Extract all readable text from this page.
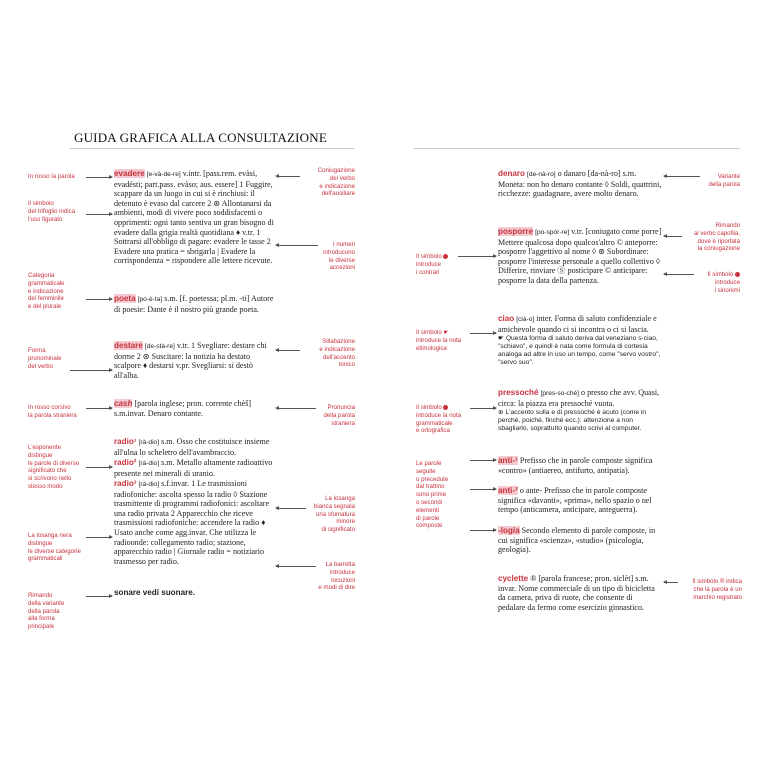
GUIDA GRAFICA ALLA CONSULTAZIONE
In rosso la parola
Il simbolo
del trifoglio indica
l'uso figurato
Categoria
grammaticale
e indicazione
del femminile
e del plurale
Forma
pronominale
del verbo
In rosso corsivo
la parola straniera
L'esponente
distingue
le parole di diverso
significato che
si scrivono nello
stesso modo
La losanga nera
distingue
le diverse categorie
grammaticali
Rimando
della variante
della parola
alla forma
principale
Coniugazione
del verbo
e indicazione
dell'ausiliare
I numeri
introducono
le diverse
accezioni
Sillabazione
e indicazione
dell'accento
tonico
Pronuncia
della parola
straniera
La losanga
bianca segnala
una sfumatura
minore
di significato
La barretta
introduce
locuzioni
e modi di dire
Il simbolo
introduce
i contrari
Il simbolo ☛
introduce la nota
etimologica
Il simbolo
introduce la nota
grammaticale
e ortografica
Le parole
seguite
o precedute
dal trattino
sono prime
o secondi
elementi
di parole
composte
Variante
della parola
Rimando
al verbo capofila,
dove è riportata
la coniugazione
Il simbolo
introduce
i sinonimi
Il simbolo ® indica
che la parola è un
marchio registrato
evadere [e-và-de-re] v.intr. [pass.rem. evàsi, evadésti; part.pass. evàso; aus. essere] 1 Fuggire, scappare da un luogo in cui si è rinchiusi: il detenuto è evaso dal carcere 2 ⊛ Allontanarsi da ambienti, modi di vivere poco soddisfacenti o opprimenti: ogni tanto sentiva un gran bisogno di evadere dalla grigia realtà quotidiana ♦ v.tr. 1 Sottrarsi all'obbligo di pagare: evadere le tasse 2 Evadere una pratica = sbrigarla | Evadere la corrispondenza = rispondere alle lettere ricevute.
poeta [po-è-ta] s.m. [f. poetessa; pl.m. -ti] Autore di poesie: Dante è il nostro più grande poeta.
destare [de-stà-re] v.tr. 1 Svegliare: destare chi dorme 2 ⊛ Suscitare: la notizia ha destato scalpore ♦ destarsi v.pr. Svegliarsi: si destò all'alba.
cash [parola inglese; pron. corrente chèš] s.m.invar. Denaro contante.
radio¹ [rà-dio] s.m. Osso che costituisce insieme all'ulna lo scheletro dell'avambraccio.
radio² [rà-dio] s.m. Metallo altamente radioattivo presente nei minerali di uranio.
radio³ [rà-dio] s.f.invar. 1 Le trasmissioni radiofoniche: ascolta spesso la radio ◊ Stazione trasmittente di programmi radiofonici: ascoltare una radio privata 2 Apparecchio che riceve trasmissioni radiofoniche: accendere la radio ♦ Usato anche come agg.invar. Che utilizza le radioonde: collegamento radio; stazione, apparecchio radio | Giornale radio = notiziario trasmesso per radio.
sonare vedi suonare.
denaro [de-nà-ro] o danaro [da-nà-ro] s.m. Moneta: non ho denaro contante ◊ Soldi, quattrini, ricchezze: guadagnare, avere molto denaro.
posporre [po-spór-re] v.tr. [coniugato come porre] Mettere qualcosa dopo qualcos'altro © anteporre: posporre l'aggettivo al nome ◊ ⊛ Subordinare: posporre l'interesse personale a quello collettivo ◊ Differire, rinviare Ⓢ posticipare © anticipare: posporre la data della partenza.
ciao [cià-o] inter. Forma di saluto confidenziale e amichevole quando ci si incontra o ci si lascia.
☛ Questa forma di saluto deriva dal veneziano s-ciao, "schiavo", e quindi è nata come formula di cortesia analoga ad altre in uso un tempo, come "servo vostro", "servo suo".
pressoché [pres-so-ché] o presso che avv. Quasi, circa: la piazza era pressoché vuota.
⊕ L'accento sulla e di pressoché è acuto (come in perché, poiché, finché ecc.): attenzione a non sbagliarlo, soprattutto quando scrivi al computer.
anti-¹ Prefisso che in parole composte significa «contro» (antiaereo, antifurto, antipatia).
anti-² o ante- Prefisso che in parole composte significa «davanti», «prima», nello spazio o nel tempo (anticamera, anticipare, anteguerra).
-logia Secondo elemento di parole composte, in cui significa «scienza», «studio» (psicologia, geologia).
cyclette ® [parola francese; pron. siclèt] s.m. invar. Nome commerciale di un tipo di bicicletta da camera, priva di ruote, che consente di pedalare da fermo come esercizio ginnastico.
